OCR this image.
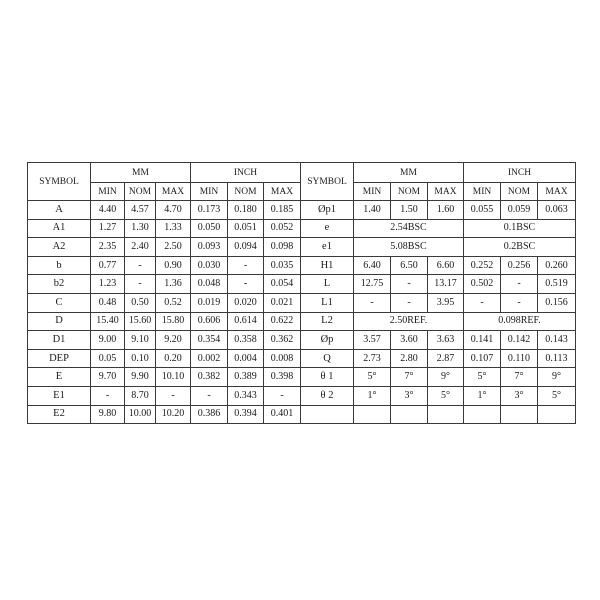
SYMBOL	MM			INCH			SYMBOL	MM			INCH		
	MIN	NOM	MAX	MIN	NOM	MAX		MIN	NOM	MAX	MIN	NOM	MAX
A	4.40	4.57	4.70	0.173	0.180	0.185	Øp1	1.40	1.50	1.60	0.055	0.059	0.063
A1	1.27	1.30	1.33	0.050	0.051	0.052	e	2.54BSC			0.1BSC		
A2	2.35	2.40	2.50	0.093	0.094	0.098	e1	5.08BSC			0.2BSC		
b	0.77	-	0.90	0.030	-	0.035	H1	6.40	6.50	6.60	0.252	0.256	0.260
b2	1.23	-	1.36	0.048	-	0.054	L	12.75	-	13.17	0.502	-	0.519
C	0.48	0.50	0.52	0.019	0.020	0.021	L1	-	-	3.95	-	-	0.156
D	15.40	15.60	15.80	0.606	0.614	0.622	L2	2.50REF.			0.098REF.		
D1	9.00	9.10	9.20	0.354	0.358	0.362	Øp	3.57	3.60	3.63	0.141	0.142	0.143
DEP	0.05	0.10	0.20	0.002	0.004	0.008	Q	2.73	2.80	2.87	0.107	0.110	0.113
E	9.70	9.90	10.10	0.382	0.389	0.398	θ 1	5°	7°	9°	5°	7°	9°
E1	-	8.70	-	-	0.343	-	θ 2	1°	3°	5°	1°	3°	5°
E2	9.80	10.00	10.20	0.386	0.394	0.401							
